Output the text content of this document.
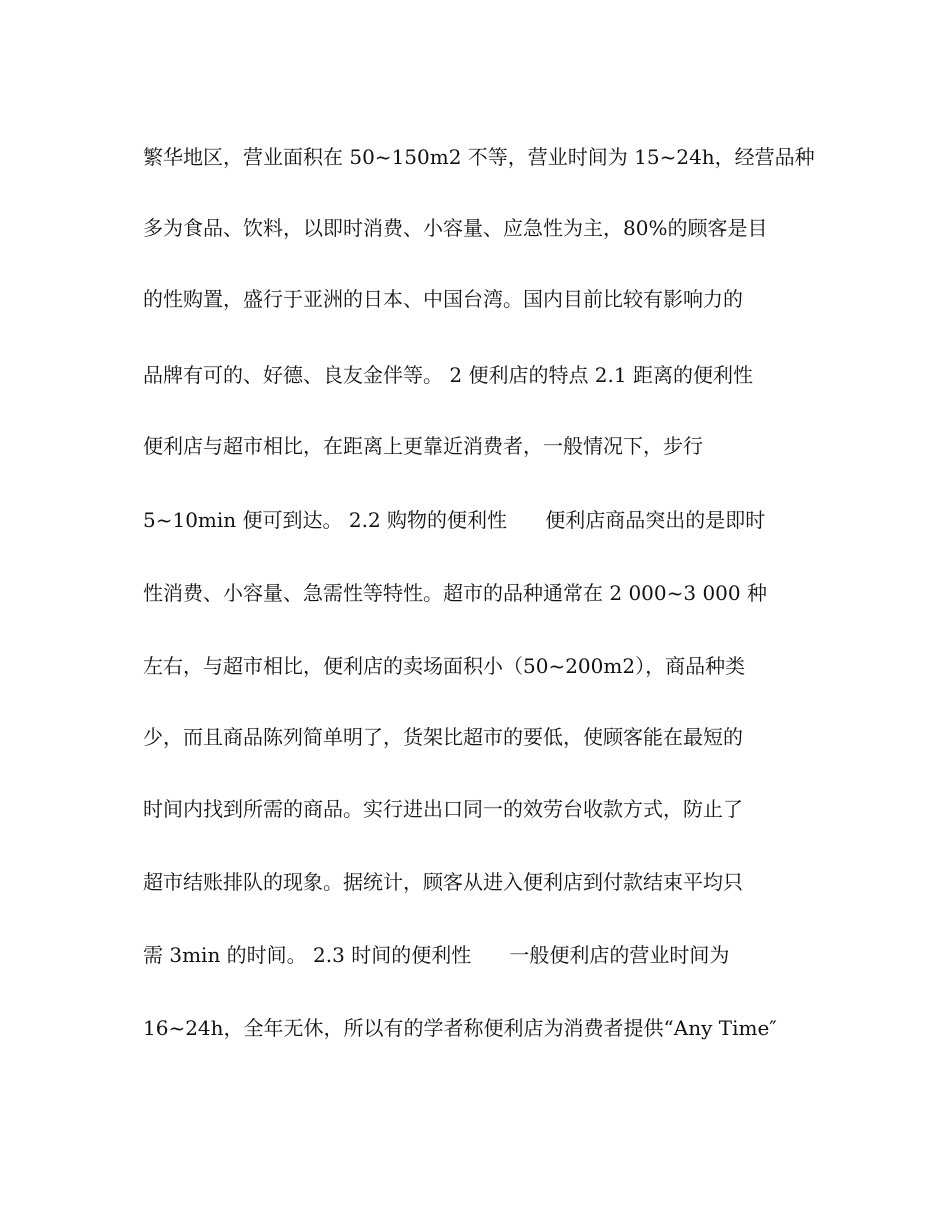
繁华地区，营业面积在 50~150m2 不等，营业时间为 15~24h，经营品种
多为食品、饮料，以即时消费、小容量、应急性为主，80%的顾客是目
的性购置，盛行于亚洲的日本、中国台湾。国内目前比较有影响力的
品牌有可的、好德、良友金伴等。 2 便利店的特点 2.1 距离的便利性
便利店与超市相比，在距离上更靠近消费者，一般情况下，步行
5~10min 便可到达。 2.2 购物的便利性      便利店商品突出的是即时
性消费、小容量、急需性等特性。超市的品种通常在 2 000~3 000 种
左右，与超市相比，便利店的卖场面积小（50~200m2），商品种类
少，而且商品陈列简单明了，货架比超市的要低，使顾客能在最短的
时间内找到所需的商品。实行进出口同一的效劳台收款方式，防止了
超市结账排队的现象。据统计，顾客从进入便利店到付款结束平均只
需 3min 的时间。 2.3 时间的便利性      一般便利店的营业时间为
16~24h，全年无休，所以有的学者称便利店为消费者提供“Any Time″
